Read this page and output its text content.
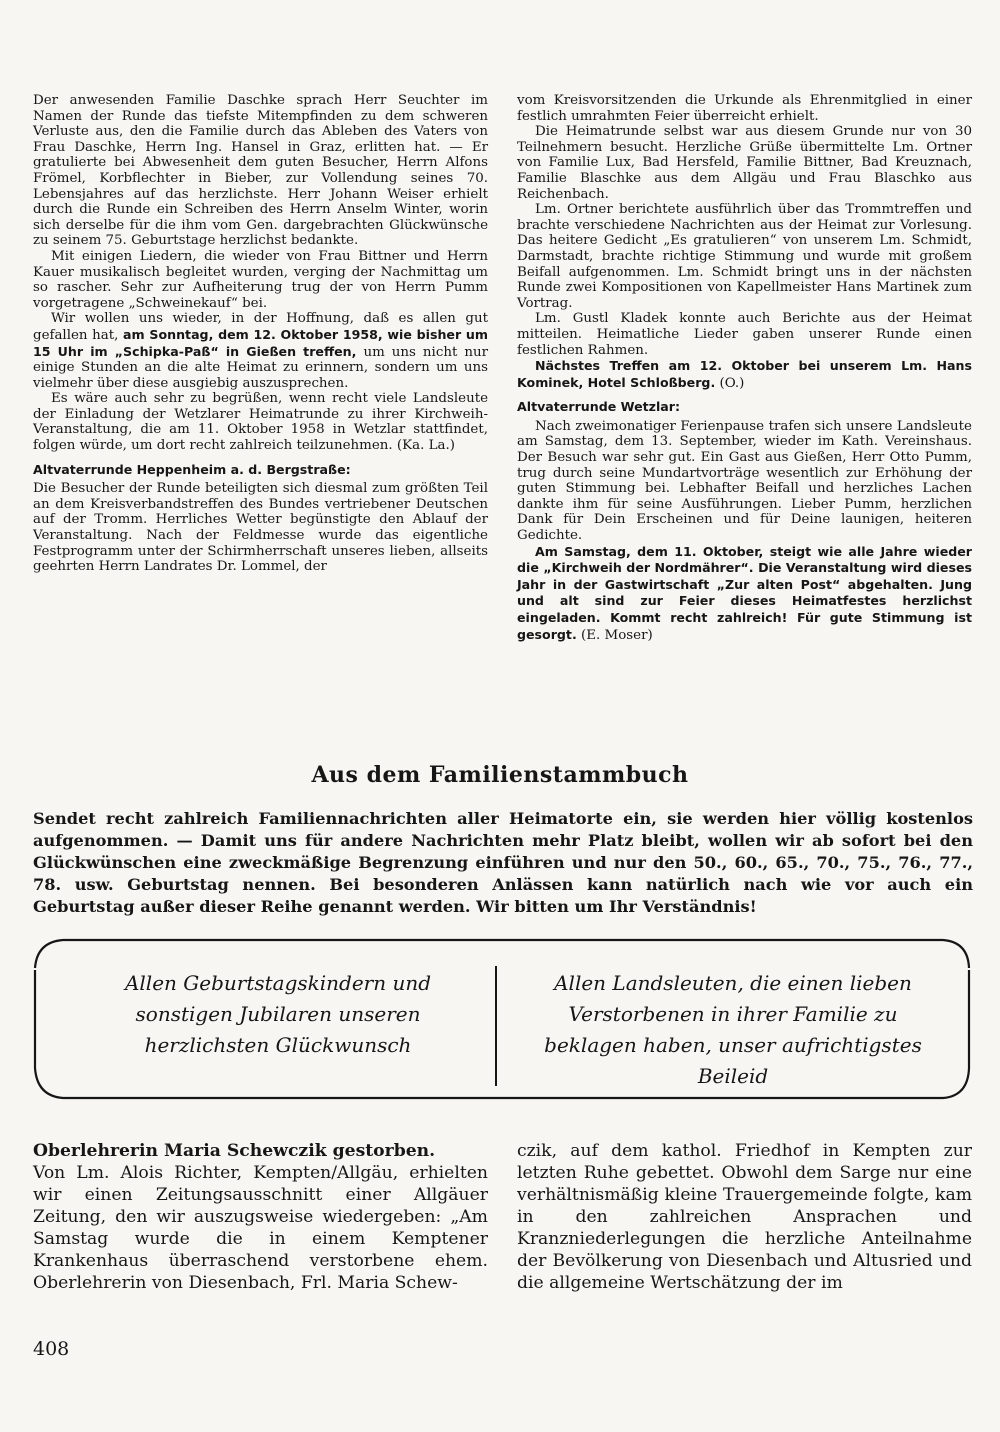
Der anwesenden Familie Daschke sprach Herr Seuchter im Namen der Runde das tiefste Mitempfinden zu dem schweren Verluste aus, den die Familie durch das Ableben des Vaters von Frau Daschke, Herrn Ing. Hansel in Graz, erlitten hat. — Er gratulierte bei Abwesenheit dem guten Besucher, Herrn Alfons Frömel, Korbflechter in Bieber, zur Vollendung seines 70. Lebensjahres auf das herzlichste. Herr Johann Weiser erhielt durch die Runde ein Schreiben des Herrn Anselm Winter, worin sich derselbe für die ihm vom Gen. dargebrachten Glückwünsche zu seinem 75. Geburtstage herzlichst bedankte.

Mit einigen Liedern, die wieder von Frau Bittner und Herrn Kauer musikalisch begleitet wurden, verging der Nachmittag um so rascher. Sehr zur Aufheiterung trug der von Herrn Pumm vorgetragene „Schweinekauf“ bei.

Wir wollen uns wieder, in der Hoffnung, daß es allen gut gefallen hat, am Sonntag, dem 12. Oktober 1958, wie bisher um 15 Uhr im „Schipka-Paß“ in Gießen treffen, um uns nicht nur einige Stunden an die alte Heimat zu erinnern, sondern um uns vielmehr über diese ausgiebig auszusprechen.

Es wäre auch sehr zu begrüßen, wenn recht viele Landsleute der Einladung der Wetzlarer Heimatrunde zu ihrer Kirchweih-Veranstaltung, die am 11. Oktober 1958 in Wetzlar stattfindet, folgen würde, um dort recht zahlreich teilzunehmen. (Ka. La.)

Altvaterrunde Heppenheim a. d. Bergstraße:

Die Besucher der Runde beteiligten sich diesmal zum größten Teil an dem Kreisverbandstreffen des Bundes vertriebener Deutschen auf der Tromm. Herrliches Wetter begünstigte den Ablauf der Veranstaltung. Nach der Feldmesse wurde das eigentliche Festprogramm unter der Schirmherrschaft unseres lieben, allseits geehrten Herrn Landrates Dr. Lommel, der

vom Kreisvorsitzenden die Urkunde als Ehrenmitglied in einer festlich umrahmten Feier überreicht erhielt.

Die Heimatrunde selbst war aus diesem Grunde nur von 30 Teilnehmern besucht. Herzliche Grüße übermittelte Lm. Ortner von Familie Lux, Bad Hersfeld, Familie Bittner, Bad Kreuznach, Familie Blaschke aus dem Allgäu und Frau Blaschko aus Reichenbach.

Lm. Ortner berichtete ausführlich über das Trommtreffen und brachte verschiedene Nachrichten aus der Heimat zur Vorlesung. Das heitere Gedicht „Es gratulieren“ von unserem Lm. Schmidt, Darmstadt, brachte richtige Stimmung und wurde mit großem Beifall aufgenommen. Lm. Schmidt bringt uns in der nächsten Runde zwei Kompositionen von Kapellmeister Hans Martinek zum Vortrag.

Lm. Gustl Kladek konnte auch Berichte aus der Heimat mitteilen. Heimatliche Lieder gaben unserer Runde einen festlichen Rahmen.

Nächstes Treffen am 12. Oktober bei unserem Lm. Hans Kominek, Hotel Schloßberg. (O.)

Altvaterrunde Wetzlar:

Nach zweimonatiger Ferienpause trafen sich unsere Landsleute am Samstag, dem 13. September, wieder im Kath. Vereinshaus. Der Besuch war sehr gut. Ein Gast aus Gießen, Herr Otto Pumm, trug durch seine Mundartvorträge wesentlich zur Erhöhung der guten Stimmung bei. Lebhafter Beifall und herzliches Lachen dankte ihm für seine Ausführungen. Lieber Pumm, herzlichen Dank für Dein Erscheinen und für Deine launigen, heiteren Gedichte.

Am Samstag, dem 11. Oktober, steigt wie alle Jahre wieder die „Kirchweih der Nordmährer“. Die Veranstaltung wird dieses Jahr in der Gastwirtschaft „Zur alten Post“ abgehalten. Jung und alt sind zur Feier dieses Heimatfestes herzlichst eingeladen. Kommt recht zahlreich! Für gute Stimmung ist gesorgt. (E. Moser)

Aus dem Familienstammbuch
Sendet recht zahlreich Familiennachrichten aller Heimatorte ein, sie werden hier völlig kostenlos aufgenommen. — Damit uns für andere Nachrichten mehr Platz bleibt, wollen wir ab sofort bei den Glückwünschen eine zweckmäßige Begrenzung einführen und nur den 50., 60., 65., 70., 75., 76., 77., 78. usw. Geburtstag nennen. Bei besonderen Anlässen kann natürlich nach wie vor auch ein Geburtstag außer dieser Reihe genannt werden. Wir bitten um Ihr Verständnis!
Allen Geburtstagskindern und sonstigen Jubilaren unseren herzlichsten Glückwunsch
Allen Landsleuten, die einen lieben Verstorbenen in ihrer Familie zu beklagen haben, unser aufrichtigstes Beileid

Oberlehrerin Maria Schewczik gestorben.

Von Lm. Alois Richter, Kempten/Allgäu, erhielten wir einen Zeitungsausschnitt einer Allgäuer Zeitung, den wir auszugsweise wiedergeben: „Am Samstag wurde die in einem Kemptener Krankenhaus überraschend verstorbene ehem. Oberlehrerin von Diesenbach, Frl. Maria Schew-

czik, auf dem kathol. Friedhof in Kempten zur letzten Ruhe gebettet. Obwohl dem Sarge nur eine verhältnismäßig kleine Trauergemeinde folgte, kam in den zahlreichen Ansprachen und Kranzniederlegungen die herzliche Anteilnahme der Bevölkerung von Diesenbach und Altusried und die allgemeine Wertschätzung der im

408
